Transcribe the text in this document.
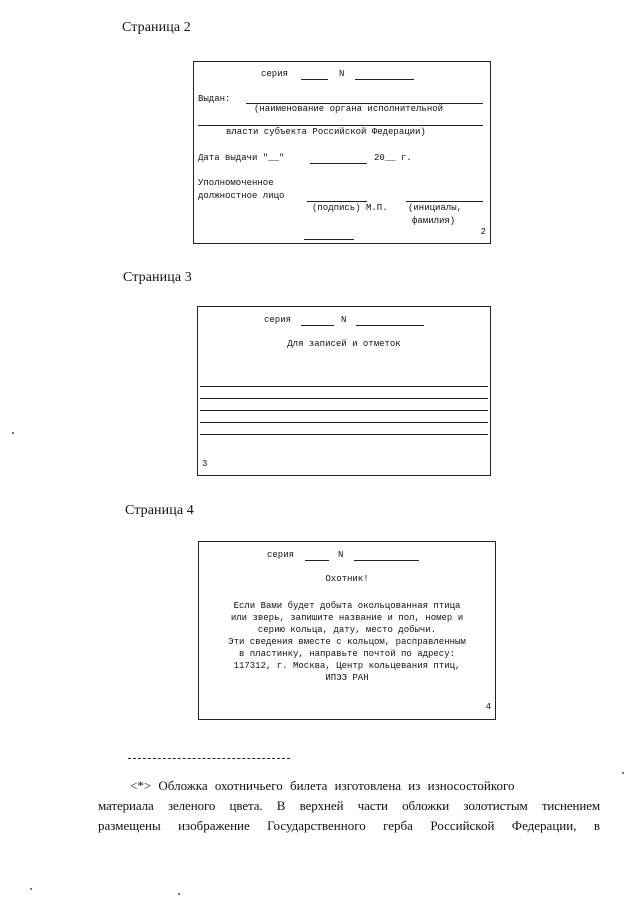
Страница 2
серия	N
Выдан:
(наименование органа исполнительной
власти субъекта Российской Федерации)
Дата выдачи "__"	20__ г.
Уполномоченное
должностное лицо
(подпись) М.П. (инициалы,
фамилия)
2
Страница 3
серия	N
Для записей и отметок
3
Страница 4
серия	N
Охотник!

Если Вами будет добыта окольцованная птица

или зверь, запишите название и пол, номер и

серию кольца, дату, место добычи.

Эти сведения вместе с кольцом, расправленным

в пластинку, направьте почтой по адресу:

117312, г. Москва, Центр кольцевания птиц,

ИПЭЭ РАН

4
<*> Обложка охотничьего билета изготовлена из износостойкого
материала зеленого цвета. В верхней части обложки золотистым тиснением
размещены изображение Государственного герба Российской Федерации, в
